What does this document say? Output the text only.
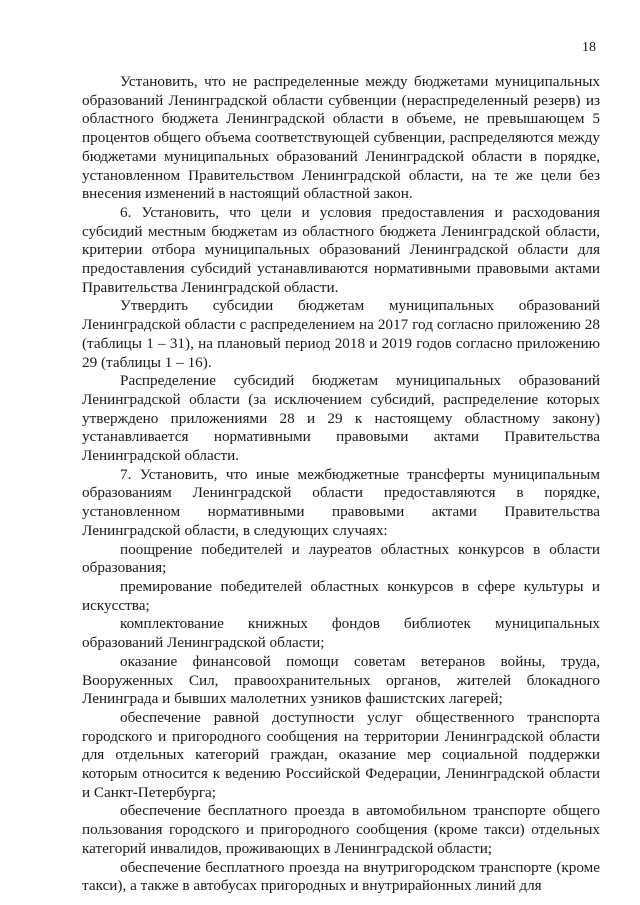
18

Установить, что не распределенные между бюджетами муниципальных образований Ленинградской области субвенции (нераспределенный резерв) из областного бюджета Ленинградской области в объеме, не превышающем 5 процентов общего объема соответствующей субвенции, распределяются между бюджетами муниципальных образований Ленинградской области в порядке, установленном Правительством Ленинградской области, на те же цели без внесения изменений в настоящий областной закон.

6. Установить, что цели и условия предоставления и расходования субсидий местным бюджетам из областного бюджета Ленинградской области, критерии отбора муниципальных образований Ленинградской области для предоставления субсидий устанавливаются нормативными правовыми актами Правительства Ленинградской области.

Утвердить субсидии бюджетам муниципальных образований Ленинградской области с распределением на 2017 год согласно приложению 28 (таблицы 1 – 31), на плановый период 2018 и 2019 годов согласно приложению 29 (таблицы 1 – 16).

Распределение субсидий бюджетам муниципальных образований Ленинградской области (за исключением субсидий, распределение которых утверждено приложениями 28 и 29 к настоящему областному закону) устанавливается нормативными правовыми актами Правительства Ленинградской области.

7. Установить, что иные межбюджетные трансферты муниципальным образованиям Ленинградской области предоставляются в порядке, установленном нормативными правовыми актами Правительства Ленинградской области, в следующих случаях:

поощрение победителей и лауреатов областных конкурсов в области образования;

премирование победителей областных конкурсов в сфере культуры и искусства;

комплектование книжных фондов библиотек муниципальных образований Ленинградской области;

оказание финансовой помощи советам ветеранов войны, труда, Вооруженных Сил, правоохранительных органов, жителей блокадного Ленинграда и бывших малолетних узников фашистских лагерей;

обеспечение равной доступности услуг общественного транспорта городского и пригородного сообщения на территории Ленинградской области для отдельных категорий граждан, оказание мер социальной поддержки которым относится к ведению Российской Федерации, Ленинградской области и Санкт-Петербурга;

обеспечение бесплатного проезда в автомобильном транспорте общего пользования городского и пригородного сообщения (кроме такси) отдельных категорий инвалидов, проживающих в Ленинградской области;

обеспечение бесплатного проезда на внутригородском транспорте (кроме такси), а также в автобусах пригородных и внутрирайонных линий для
